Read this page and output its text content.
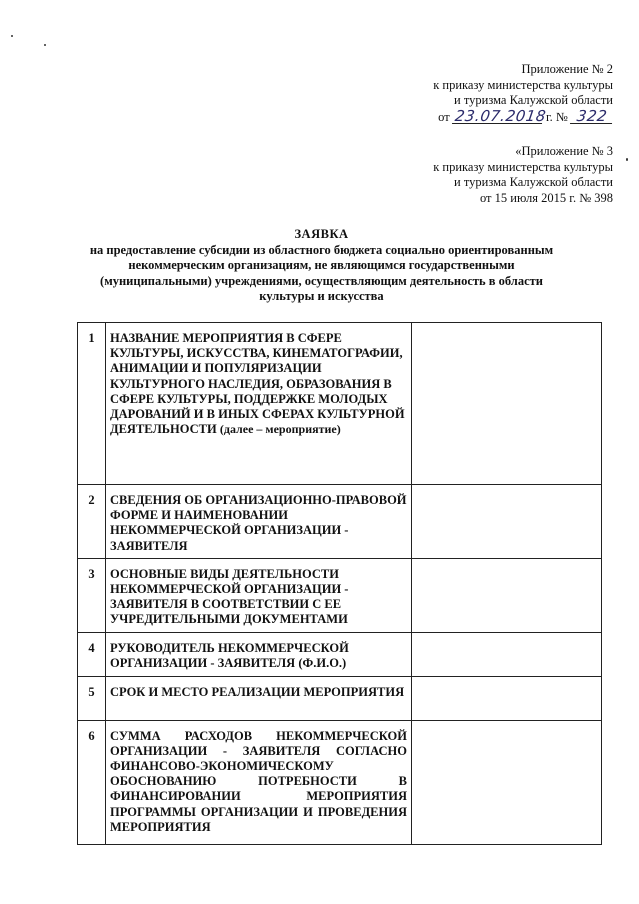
Приложение № 2
к приказу министерства культуры
и туризма Калужской области
от 23.07.2018 г. № 322
«Приложение № 3
к приказу министерства культуры
и туризма Калужской области
от 15 июля 2015 г. № 398
ЗАЯВКА
на предоставление субсидии из областного бюджета социально ориентированным
некоммерческим организациям, не являющимся государственными
(муниципальными) учреждениями, осуществляющим деятельность в области
культуры и искусства
1	НАЗВАНИЕ МЕРОПРИЯТИЯ В СФЕРЕ КУЛЬТУРЫ, ИСКУССТВА, КИНЕМАТОГРАФИИ, АНИМАЦИИ И ПОПУЛЯРИЗАЦИИ КУЛЬТУРНОГО НАСЛЕДИЯ, ОБРАЗОВАНИЯ В СФЕРЕ КУЛЬТУРЫ, ПОДДЕРЖКЕ МОЛОДЫХ ДАРОВАНИЙ И В ИНЫХ СФЕРАХ КУЛЬТУРНОЙ ДЕЯТЕЛЬНОСТИ (далее – мероприятие)	
2	СВЕДЕНИЯ ОБ ОРГАНИЗАЦИОННО-ПРАВОВОЙ ФОРМЕ И НАИМЕНОВАНИИ НЕКОММЕРЧЕСКОЙ ОРГАНИЗАЦИИ - ЗАЯВИТЕЛЯ	
3	ОСНОВНЫЕ ВИДЫ ДЕЯТЕЛЬНОСТИ НЕКОММЕРЧЕСКОЙ ОРГАНИЗАЦИИ - ЗАЯВИТЕЛЯ В СООТВЕТСТВИИ С ЕЕ УЧРЕДИТЕЛЬНЫМИ ДОКУМЕНТАМИ	
4	РУКОВОДИТЕЛЬ НЕКОММЕРЧЕСКОЙ ОРГАНИЗАЦИИ - ЗАЯВИТЕЛЯ (Ф.И.О.)	
5	СРОК И МЕСТО РЕАЛИЗАЦИИ МЕРОПРИЯТИЯ	
6	СУММА РАСХОДОВ НЕКОММЕРЧЕСКОЙ ОРГАНИЗАЦИИ - ЗАЯВИТЕЛЯ СОГЛАСНО ФИНАНСОВО-ЭКОНОМИЧЕСКОМУ ОБОСНОВАНИЮ ПОТРЕБНОСТИ В ФИНАНСИРОВАНИИ МЕРОПРИЯТИЯ ПРОГРАММЫ ОРГАНИЗАЦИИ И ПРОВЕДЕНИЯ МЕРОПРИЯТИЯ	
